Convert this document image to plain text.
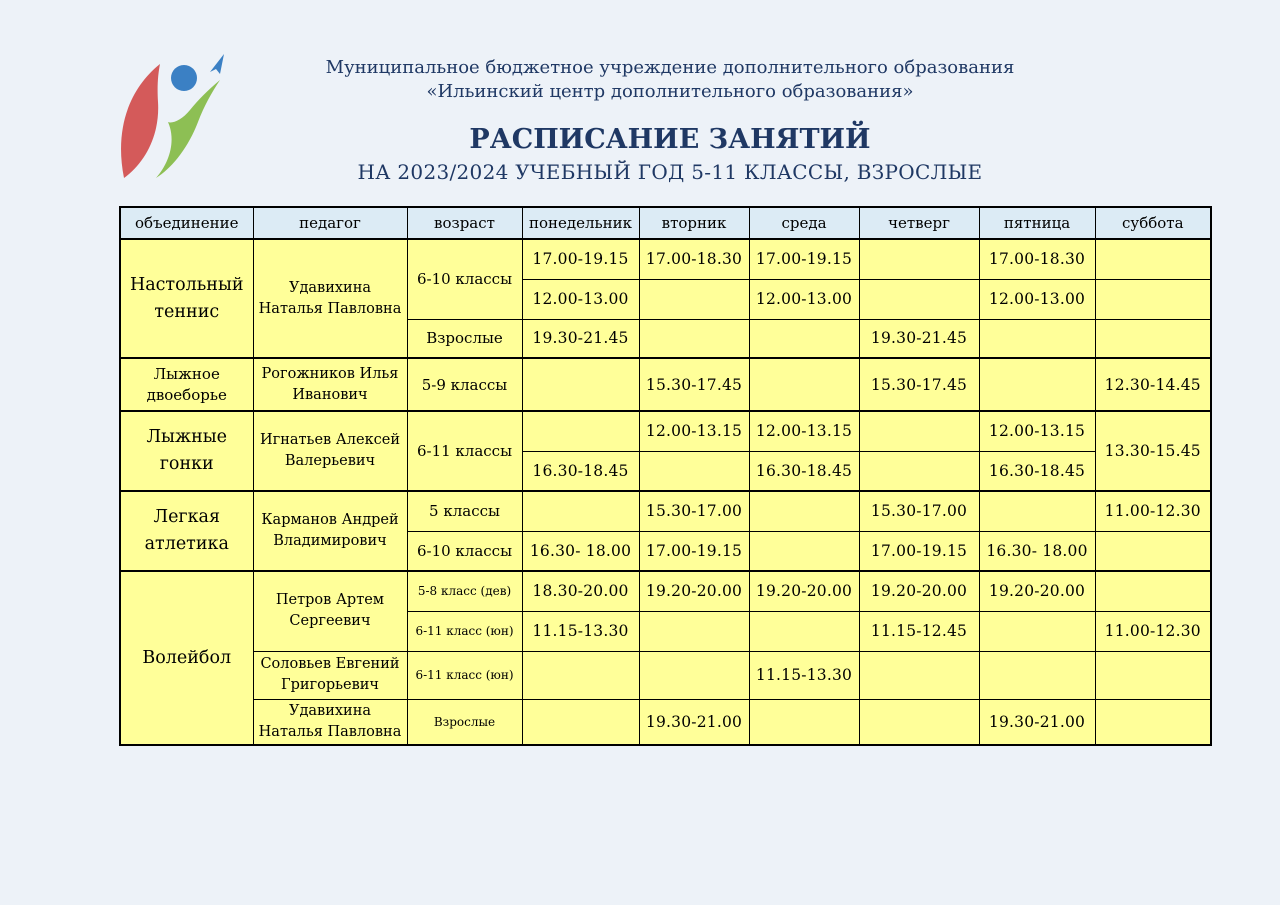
Муниципальное бюджетное учреждение дополнительного образования
«Ильинский центр дополнительного образования»
РАСПИСАНИЕ ЗАНЯТИЙ
НА 2023/2024 УЧЕБНЫЙ ГОД 5-11 КЛАССЫ, ВЗРОСЛЫЕ
объединение	педагог	возраст	понедельник	вторник	среда	четверг	пятница	суббота
Настольный теннис	Удавихина Наталья Павловна	6-10 классы	17.00-19.15	17.00-18.30	17.00-19.15		17.00-18.30	
			12.00-13.00		12.00-13.00		12.00-13.00	
		Взрослые	19.30-21.45			19.30-21.45		
Лыжное двоеборье	Рогожников Илья Иванович	5-9 классы		15.30-17.45		15.30-17.45		12.30-14.45
Лыжные гонки	Игнатьев Алексей Валерьевич	6-11 классы		12.00-13.15	12.00-13.15		12.00-13.15	13.30-15.45
			16.30-18.45		16.30-18.45		16.30-18.45	
Легкая атлетика	Карманов Андрей Владимирович	5 классы		15.30-17.00		15.30-17.00		11.00-12.30
		6-10 классы	16.30- 18.00	17.00-19.15		17.00-19.15	16.30- 18.00	
Волейбол	Петров Артем Сергеевич	5-8 класс (дев)	18.30-20.00	19.20-20.00	19.20-20.00	19.20-20.00	19.20-20.00	
		6-11 класс (юн)	11.15-13.30			11.15-12.45		11.00-12.30
	Соловьев Евгений Григорьевич	6-11 класс (юн)			11.15-13.30			
	Удавихина Наталья Павловна	Взрослые		19.30-21.00			19.30-21.00	
